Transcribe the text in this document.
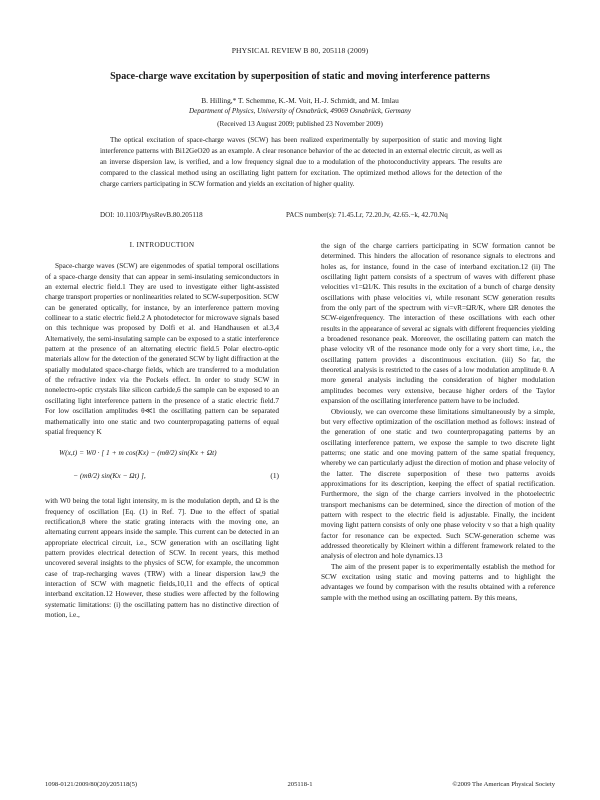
PHYSICAL REVIEW B 80, 205118 (2009)
Space-charge wave excitation by superposition of static and moving interference patterns
B. Hilling,* T. Schemme, K.-M. Voit, H.-J. Schmidt, and M. Imlau
Department of Physics, University of Osnabrück, 49069 Osnabrück, Germany
(Received 13 August 2009; published 23 November 2009)

The optical excitation of space-charge waves (SCW) has been realized experimentally by superposition of static and moving light interference patterns with Bi12GeO20 as an example. A clear resonance behavior of the ac detected in an external electric circuit, as well as an inverse dispersion law, is verified, and a low frequency signal due to a modulation of the photoconductivity appears. The results are compared to the classical method using an oscillating light pattern for excitation. The optimized method allows for the detection of the charge carriers participating in SCW formation and yields an excitation of higher quality.

DOI: 10.1103/PhysRevB.80.205118	PACS number(s): 71.45.Lr, 72.20.Jv, 42.65.−k, 42.70.Nq
I. INTRODUCTION

Space-charge waves (SCW) are eigenmodes of spatial temporal oscillations of a space-charge density that can appear in semi-insulating semiconductors in an external electric field.1 They are used to investigate either light-assisted charge transport properties or nonlinearities related to SCW-superposition. SCW can be generated optically, for instance, by an interference pattern moving collinear to a static electric field.2 A photodetector for microwave signals based on this technique was proposed by Dolfi et al. and Handhausen et al.3,4 Alternatively, the semi-insulating sample can be exposed to a static interference pattern at the presence of an alternating electric field.5 Polar electro-optic materials allow for the detection of the generated SCW by light diffraction at the spatially modulated space-charge fields, which are transferred to a modulation of the refractive index via the Pockels effect. In order to study SCW in nonelectro-optic crystals like silicon carbide,6 the sample can be exposed to an oscillating light interference pattern in the presence of a static electric field.7 For low oscillation amplitudes θ≪1 the oscillating pattern can be separated mathematically into one static and two counterpropagating patterns of equal spatial frequency K

W(x,t) = W0 · [ 1 + m cos(Kx) − (mθ/2) sin(Kx + Ωt)
− (mθ/2) sin(Kx − Ωt) ],	(1)

with W0 being the total light intensity, m is the modulation depth, and Ω is the frequency of oscillation [Eq. (1) in Ref. 7]. Due to the effect of spatial rectification,8 where the static grating interacts with the moving one, an alternating current appears inside the sample. This current can be detected in an appropriate electrical circuit, i.e., SCW generation with an oscillating light pattern provides electrical detection of SCW. In recent years, this method uncovered several insights to the physics of SCW, for example, the uncommon case of trap-recharging waves (TRW) with a linear dispersion law,9 the interaction of SCW with magnetic fields,10,11 and the effects of optical interband excitation.12 However, these studies were affected by the following systematic limitations: (i) the oscillating pattern has no distinctive direction of motion, i.e.,

the sign of the charge carriers participating in SCW formation cannot be determined. This hinders the allocation of resonance signals to electrons and holes as, for instance, found in the case of interband excitation.12 (ii) The oscillating light pattern consists of a spectrum of waves with different phase velocities v1=Ω1/K. This results in the excitation of a bunch of charge density oscillations with phase velocities vi, while resonant SCW generation results from the only part of the spectrum with vi=vR=ΩR/K, where ΩR denotes the SCW-eigenfrequency. The interaction of these oscillations with each other results in the appearance of several ac signals with different frequencies yielding a broadened resonance peak. Moreover, the oscillating pattern can match the phase velocity vR of the resonance mode only for a very short time, i.e., the oscillating pattern provides a discontinuous excitation. (iii) So far, the theoretical analysis is restricted to the cases of a low modulation amplitude θ. A more general analysis including the consideration of higher modulation amplitudes becomes very extensive, because higher orders of the Taylor expansion of the oscillating interference pattern have to be included.

Obviously, we can overcome these limitations simultaneously by a simple, but very effective optimization of the oscillation method as follows: instead of the generation of one static and two counterpropagating patterns by an oscillating interference pattern, we expose the sample to two discrete light patterns; one static and one moving pattern of the same spatial frequency, whereby we can particularly adjust the direction of motion and phase velocity of the latter. The discrete superposition of these two patterns avoids approximations for its description, keeping the effect of spatial rectification. Furthermore, the sign of the charge carriers involved in the photoelectric transport mechanisms can be determined, since the direction of motion of the pattern with respect to the electric field is adjustable. Finally, the incident moving light pattern consists of only one phase velocity v so that a high quality factor for resonance can be expected. Such SCW-generation scheme was addressed theoretically by Kleinert within a different framework related to the analysis of electron and hole dynamics.13

The aim of the present paper is to experimentally establish the method for SCW excitation using static and moving patterns and to highlight the advantages we found by comparison with the results obtained with a reference sample with the method using an oscillating pattern. By this means,

1098-0121/2009/80(20)/205118(5)	205118-1	©2009 The American Physical Society
